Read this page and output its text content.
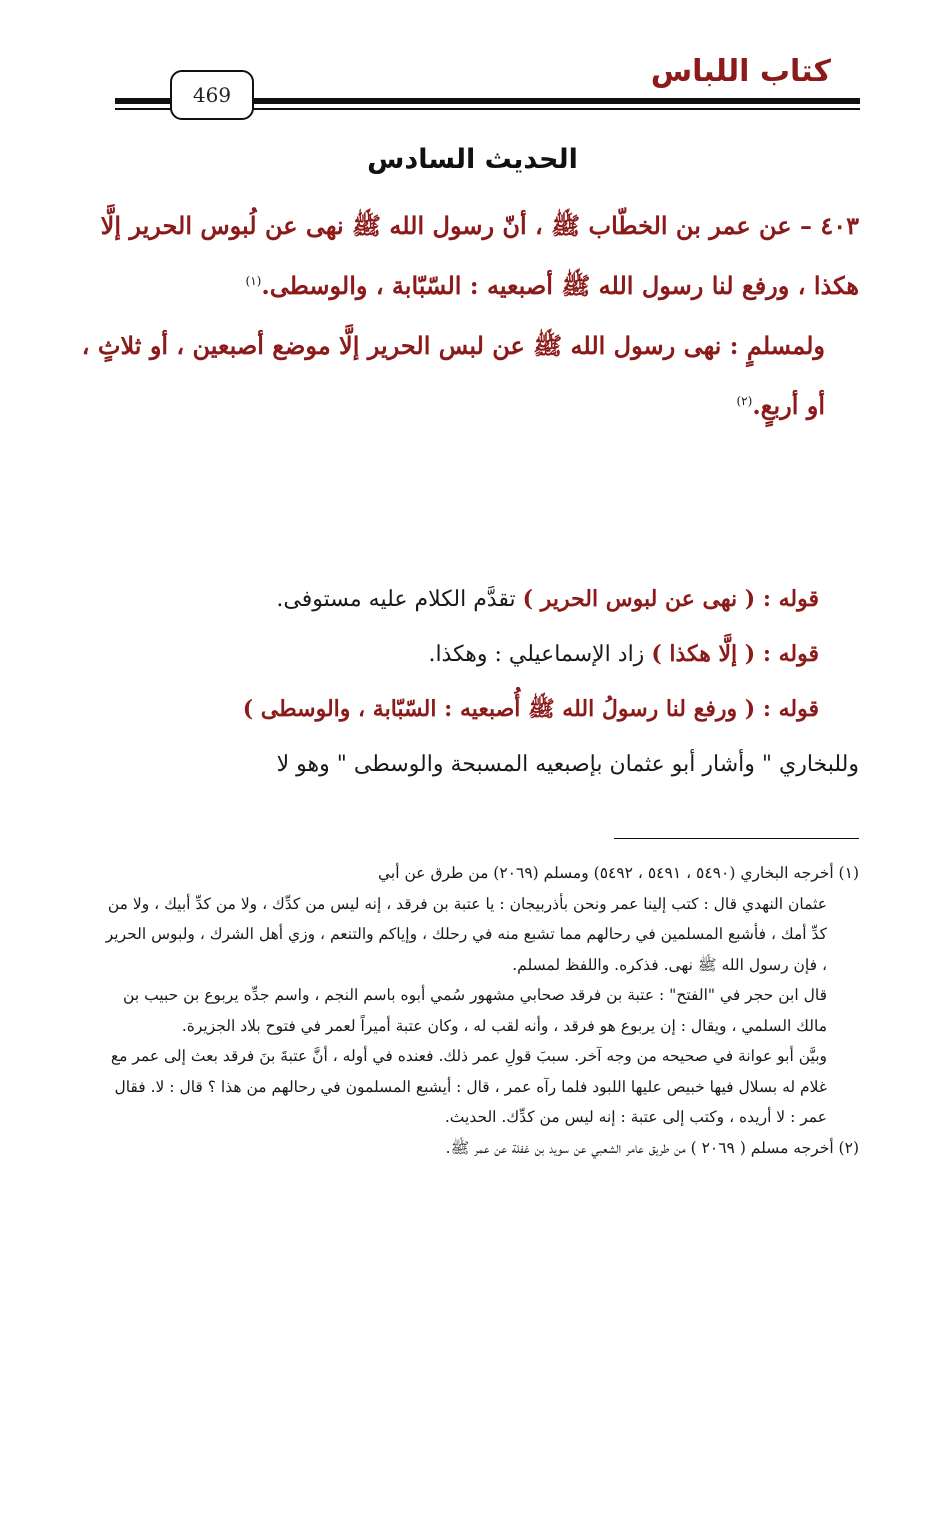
كتاب اللباس
469
الحديث السادس

٤٠٣ – عن عمر بن الخطّاب ﷺ ، أنّ رسول الله ﷺ نهى عن لُبوس الحرير إلَّا هكذا ، ورفع لنا رسول الله ﷺ أصبعيه : السّبّابة ، والوسطى.$^{(١)}$

ولمسلمٍ : نهى رسول الله ﷺ عن لبس الحرير إلَّا موضع أصبعين ، أو ثلاثٍ ، أو أربعٍ.$^{(٢)}$

قوله : ( نهى عن لبوس الحرير ) تقدَّم الكلام عليه مستوفى.

قوله : ( إلَّا هكذا ) زاد الإسماعيلي : وهكذا.

قوله : ( ورفع لنا رسولُ الله ﷺ أُصبعيه : السّبّابة ، والوسطى )

وللبخاري " وأشار أبو عثمان بإصبعيه المسبحة والوسطى " وهو لا

(١) أخرجه البخاري (٥٤٩٠ ، ٥٤٩١ ، ٥٤٩٢) ومسلم (٢٠٦٩) من طرق عن أبي

عثمان النهدي قال : كتب إلينا عمر ونحن بأذربيجان : يا عتبة بن فرقد ، إنه ليس من كدِّك ، ولا من كدِّ أبيك ، ولا من كدِّ أمك ، فأشبع المسلمين في رحالهم مما تشبع منه في رحلك ، وإياكم والتنعم ، وزي أهل الشرك ، ولبوس الحرير ، فإن رسول الله ﷺ نهى. فذكره. واللفظ لمسلم.

قال ابن حجر في "الفتح" : عتبة بن فرقد صحابي مشهور سُمي أبوه باسم النجم ، واسم جدِّه يربوع بن حبيب بن مالك السلمي ، ويقال : إن يربوع هو فرقد ، وأنه لقب له ، وكان عتبة أميراً لعمر في فتوح بلاد الجزيرة.

وبيَّن أبو عوانة في صحيحه من وجه آخر. سببَ قولِ عمر ذلك. فعنده في أوله ، أنَّ عتبةَ بنَ فرقد بعث إلى عمر مع غلام له بسلال فيها خبيص عليها اللبود فلما رآه عمر ، قال : أيشبع المسلمون في رحالهم من هذا ؟ قال : لا. فقال عمر : لا أريده ، وكتب إلى عتبة : إنه ليس من كدِّك. الحديث.

(٢) أخرجه مسلم ( ٢٠٦٩ ) من طريق عامر الشعبي عن سويد بن غفلة عن عمر ﷺ.
